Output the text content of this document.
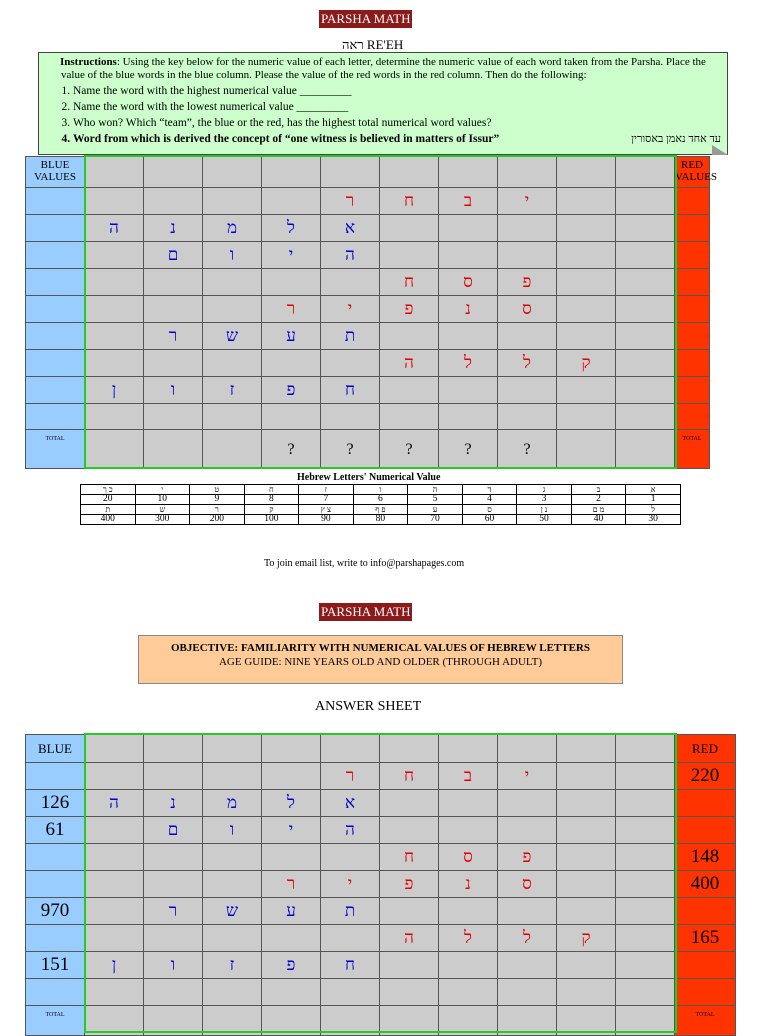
PARSHA MATH
ראה RE'EH
Instructions: Using the key below for the numeric value of each letter, determine the numeric value of each word taken from the Parsha. Place the value of the blue words in the blue column. Please the value of the red words in the red column. Then do the following:
1. Name the word with the highest numerical value _________
2. Name the word with the lowest numerical value _________
3. Who won? Which “team”, the blue or the red, has the highest total numerical word values?
4. Word from which is derived the concept of “one witness is believed in matters of Issur”	עד אחד נאמן באסורין
BLUE
VALUES											RED
VALUES
					ר	ח	ב	י			
	ה	נ	מ	ל	א						
		ם	ו	י	ה						
						ח	ס	פ			
				ר	י	פ	נ	ס			
		ר	ש	ע	ת						
						ה	ל	ל	ק		
	ן	ו	ז	פ	ח						

TOTAL				?	?	?	?	?			TOTAL
Hebrew Letters' Numerical Value
כ ך	י	ט	ח	ז	ו	ה	ד	ג	ב	א
20	10	9	8	7	6	5	4	3	2	1
ת	ש	ר	ק	צ ץ	פ ף	ע	ס	נ ן	מ ם	ל
400	300	200	100	90	80	70	60	50	40	30
To join email list, write to info@parshapages.com
PARSHA MATH
OBJECTIVE: FAMILIARITY WITH NUMERICAL VALUES OF HEBREW LETTERS
AGE GUIDE: NINE YEARS OLD AND OLDER (THROUGH ADULT)
ANSWER SHEET
BLUE											RED
					ר	ח	ב	י			220
126	ה	נ	מ	ל	א						
61		ם	ו	י	ה						
						ח	ס	פ			148
				ר	י	פ	נ	ס			400
970		ר	ש	ע	ת						
						ה	ל	ל	ק		165
151	ן	ו	ז	פ	ח						

TOTAL											TOTAL
